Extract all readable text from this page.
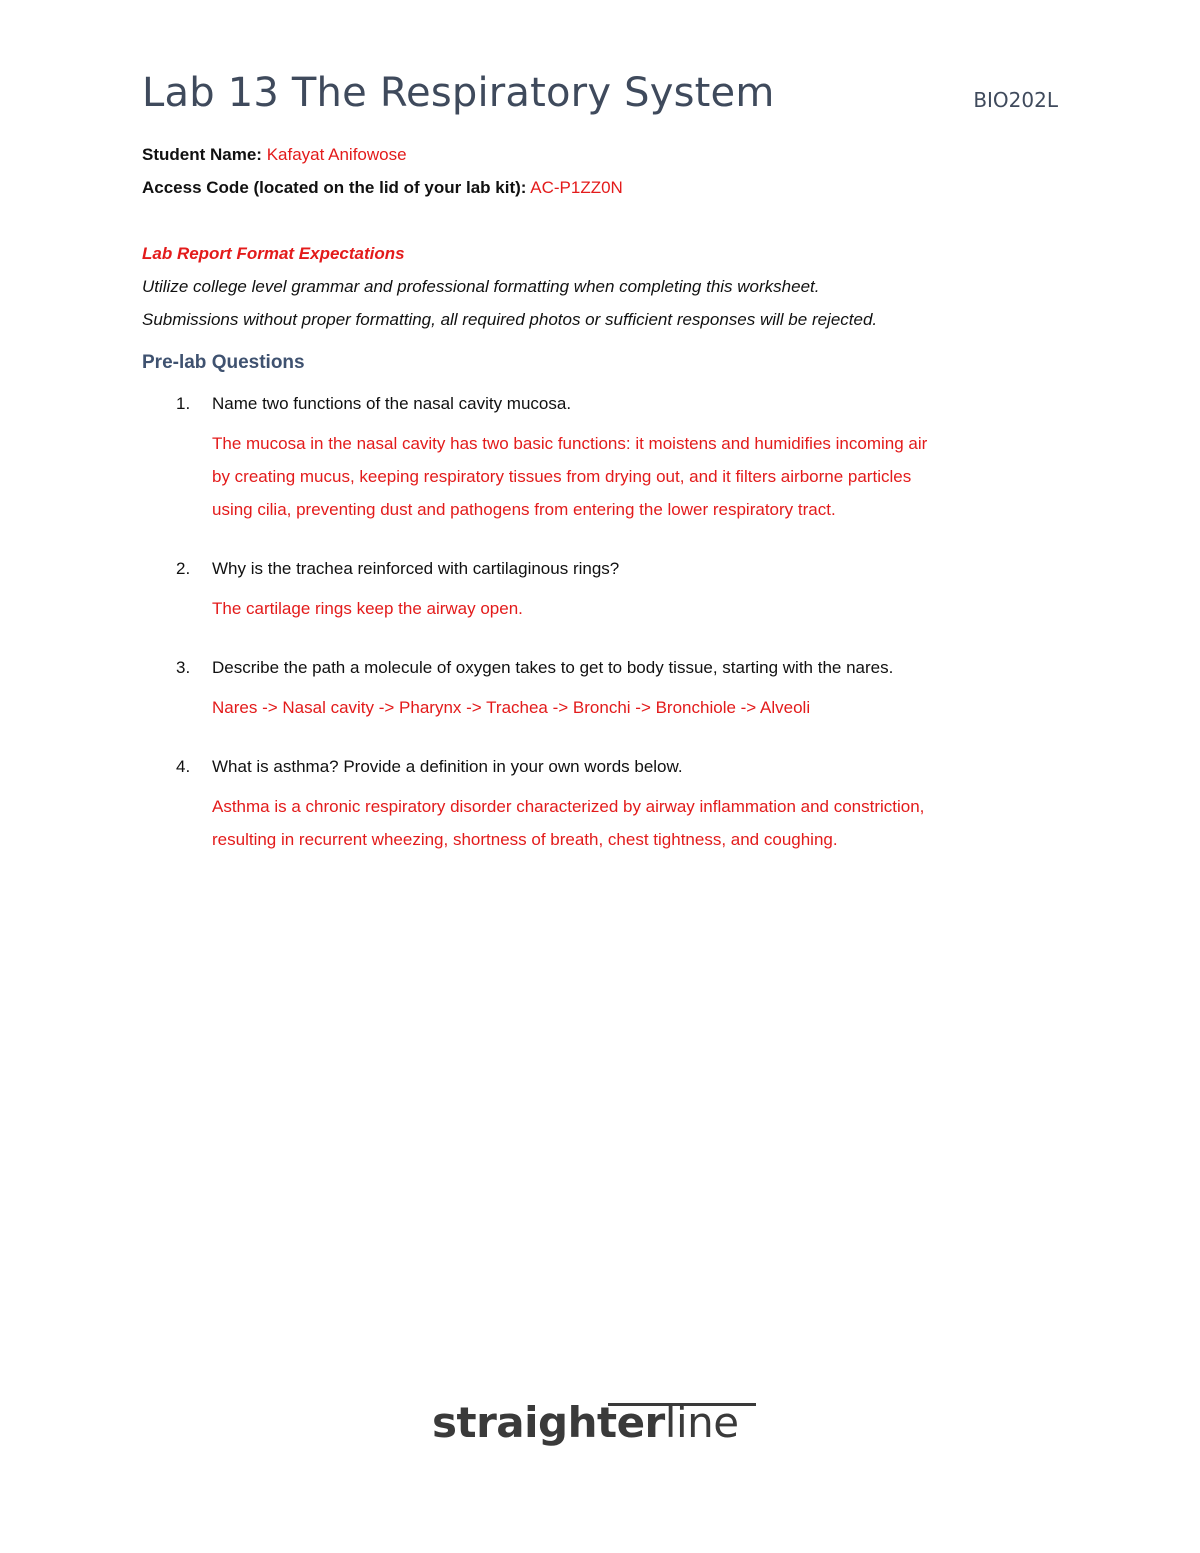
Lab 13 The Respiratory System	BIO202L
Student Name: Kafayat Anifowose
Access Code (located on the lid of your lab kit): AC-P1ZZ0N
Lab Report Format Expectations
Utilize college level grammar and professional formatting when completing this worksheet.
Submissions without proper formatting, all required photos or sufficient responses will be rejected.
Pre-lab Questions
1. Name two functions of the nasal cavity mucosa.
The mucosa in the nasal cavity has two basic functions: it moistens and humidifies incoming air
by creating mucus, keeping respiratory tissues from drying out, and it filters airborne particles
using cilia, preventing dust and pathogens from entering the lower respiratory tract.
2. Why is the trachea reinforced with cartilaginous rings?
The cartilage rings keep the airway open.
3. Describe the path a molecule of oxygen takes to get to body tissue, starting with the nares.
Nares -> Nasal cavity -> Pharynx -> Trachea -> Bronchi -> Bronchiole -> Alveoli
4. What is asthma? Provide a definition in your own words below.
Asthma is a chronic respiratory disorder characterized by airway inflammation and constriction,
resulting in recurrent wheezing, shortness of breath, chest tightness, and coughing.
straighterline
